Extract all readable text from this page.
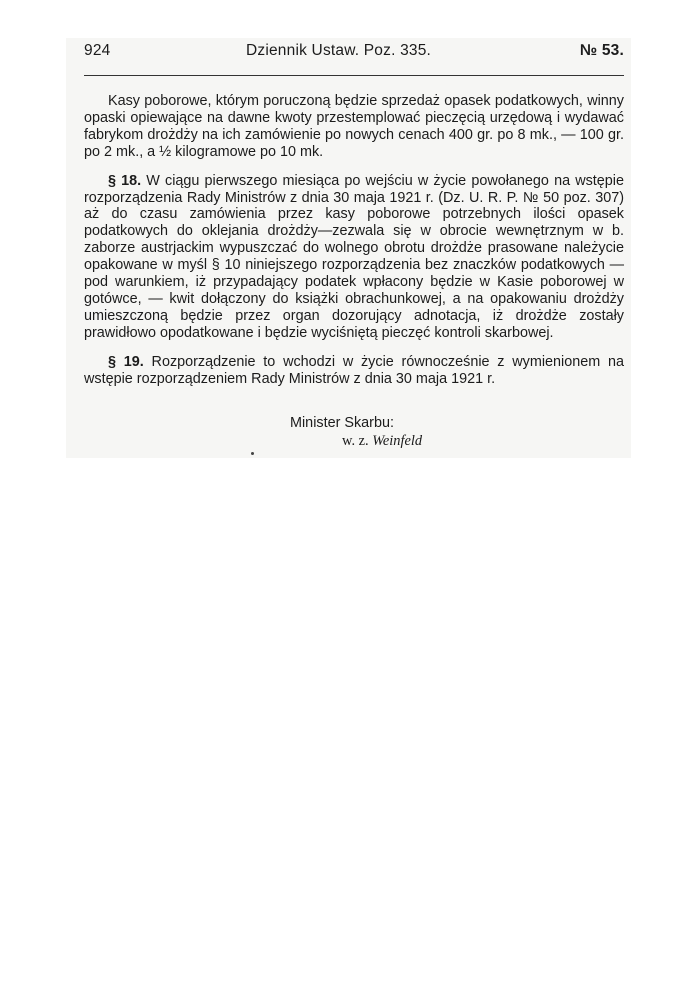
924	Dziennik Ustaw. Poz. 335.	№ 53.

Kasy poborowe, którym poruczoną będzie sprzedaż opasek podatkowych, winny opaski opiewające na dawne kwoty przestemplować pieczęcią urzędową i wydawać fabrykom drożdży na ich zamówienie po nowych cenach 400 gr. po 8 mk., — 100 gr. po 2 mk., a ½ kilogramowe po 10 mk.

§ 18. W ciągu pierwszego miesiąca po wejściu w życie powołanego na wstępie rozporządzenia Rady Ministrów z dnia 30 maja 1921 r. (Dz. U. R. P. № 50 poz. 307) aż do czasu zamówienia przez kasy poborowe potrzebnych ilości opasek podatkowych do oklejania drożdży—zezwala się w obrocie wewnętrznym w b. zaborze austrjackim wypuszczać do wolnego obrotu drożdże prasowane należycie opakowane w myśl § 10 niniejszego rozporządzenia bez znaczków podatkowych — pod warunkiem, iż przypadający podatek wpłacony będzie w Kasie poborowej w gotówce, — kwit dołączony do książki obrachunkowej, a na opakowaniu drożdży umieszczoną będzie przez organ dozorujący adnotacja, iż drożdże zostały prawidłowo opodatkowane i będzie wyciśniętą pieczęć kontroli skarbowej.

§ 19. Rozporządzenie to wchodzi w życie równocześnie z wymienionem na wstępie rozporządzeniem Rady Ministrów z dnia 30 maja 1921 r.

Minister Skarbu:
w. z. Weinfeld
